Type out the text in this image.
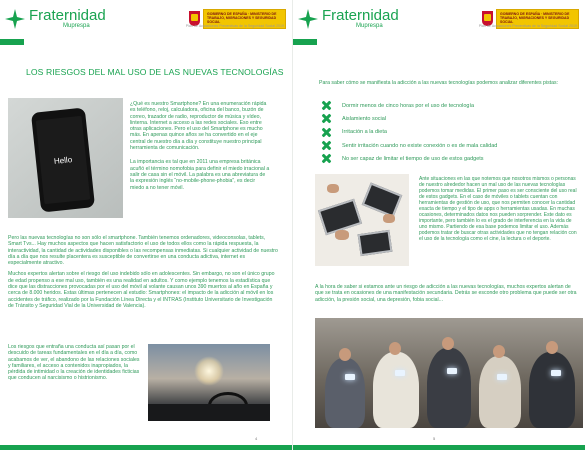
Fraternidad
Muprespa
GOBIERNO DE ESPAÑA · MINISTERIO DE TRABAJO, MIGRACIONES Y SEGURIDAD SOCIAL
Plan de Actuaciones Preventivas de la Seguridad Social 2019
LOS RIESGOS DEL MAL USO DE LAS NUEVAS TECNOLOGÍAS
Hello

¿Qué es nuestro Smartphone? En una enumeración rápida es teléfono, reloj, calculadora, oficina del banco, buzón de correo, trazador de radio, reproductor de música y vídeo, linterna. Internet a acceso a las redes sociales. Eso entre otras aplicaciones. Pero el uso del Smartphone es mucho más. En apenas quince años se ha convertido en el eje central de nuestro día a día y constituye nuestro principal herramienta de comunicación.

La importancia es tal que en 2011 una empresa británica acuñó el término nomofobia para definir el miedo irracional a salir de casa sin el móvil. La palabra es una abreviatura de la expresión inglés “no-mobile-phone-phobia”, es decir miedo a no tener móvil.

Pero las nuevas tecnologías no son sólo el smartphone. También tenemos ordenadores, videoconsolas, tablets, Smart Tvs... Hay muchos aspectos que hacen satisfactorio el uso de todos ellos como la rápida respuesta, la interactividad, la cantidad de actividades disponibles o las recompensas inmediatas. Si cualquier actividad de nuestro día a día que nos resulte placentera es susceptible de convertirse en una conducta adictiva, internet es especialmente atractivo.

Muchos expertos alertan sobre el riesgo del uso indebido sólo en adolescentes. Sin embargo, no son el único grupo de edad propenso a ese mal uso, también es una realidad en adultos. Y como ejemplo tenemos la estadística que dice que las distracciones provocadas por el uso del móvil al volante causan unos 390 muertos al año en España y cerca de 8.000 heridos. Estas últimas pertenecen al estudio: Smartphones: el impacto de la adicción al móvil en los accidentes de tráfico, realizado por la Fundación Línea Directa y el INTRAS (Instituto Universitario de Investigación de Tránsito y Seguridad Vial de la Universidad de Valencia).

Los riesgos que entraña una conducta así pasan por el descuido de tareas fundamentales en el día a día, como acabamos de ver, el abandono de las relaciones sociales y familiares, el acceso a contenidos inapropiados, la pérdida de intimidad o la creación de identidades ficticias que conducen al narcisismo o histrionismo.

4
Fraternidad
Muprespa
GOBIERNO DE ESPAÑA · MINISTERIO DE TRABAJO, MIGRACIONES Y SEGURIDAD SOCIAL
Plan de Actuaciones Preventivas de la Seguridad Social 2019
Para saber cómo se manifiesta la adicción a las nuevas tecnologías podemos analizar diferentes pistas:
Dormir menos de cinco horas por el uso de tecnología
Aislamiento social
Irritación a la dieta
Sentir irritación cuando no existe conexión o es de mala calidad
No ser capaz de limitar el tiempo de uso de estos gadgets
Ante situaciones en las que notemos que nosotros mismos o personas de nuestro alrededor hacen un mal uso de las nuevas tecnologías podemos tomar medidas. El primer paso es ser consciente del uso real de estos gadgets. En el caso de móviles o tablets cuentan con herramientas de gestión de uso, que nos permiten conocer la cantidad exacta de tiempo y el tipo de apps o herramientas usadas. En muchas ocasiones, determinados datos nos pueden sorprender. Este dato es importante, pero también lo es el grado de interferencia en la vida de uno mismo. Partiendo de esa base podemos limitar el uso. Además podemos tratar de buscar otras actividades que no tengan relación con el uso de la tecnología como el cine, la lectura o el deporte.
A la hora de saber si estamos ante un riesgo de adicción a las nuevas tecnologías, muchos expertos alertan de que se trata en ocasiones de una manifestación secundaria. Detrás se esconde otro problema que puede ser otra adicción, la presión social, una depresión, fobia social...
5
